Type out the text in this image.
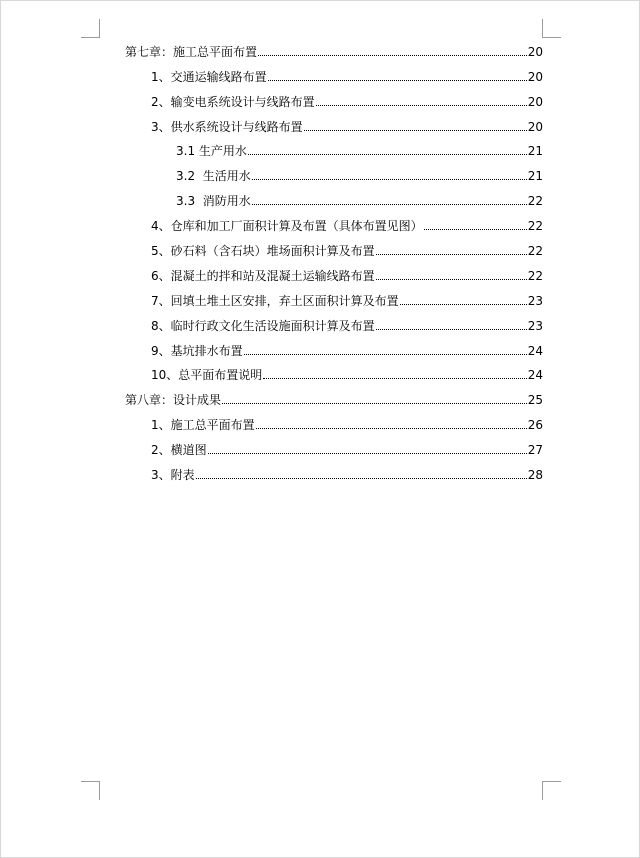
第七章：施工总平面布置	20
1、交通运输线路布置	20
2、输变电系统设计与线路布置	20
3、供水系统设计与线路布置	20
3.1 生产用水	21
3.2  生活用水	21
3.3  消防用水	22
4、仓库和加工厂面积计算及布置（具体布置见图）	22
5、砂石料（含石块）堆场面积计算及布置	22
6、混凝土的拌和站及混凝土运输线路布置	22
7、回填土堆土区安排，弃土区面积计算及布置	23
8、临时行政文化生活设施面积计算及布置	23
9、基坑排水布置	24
10、总平面布置说明	24
第八章：设计成果	25
1、施工总平面布置	26
2、横道图	27
3、附表	28
